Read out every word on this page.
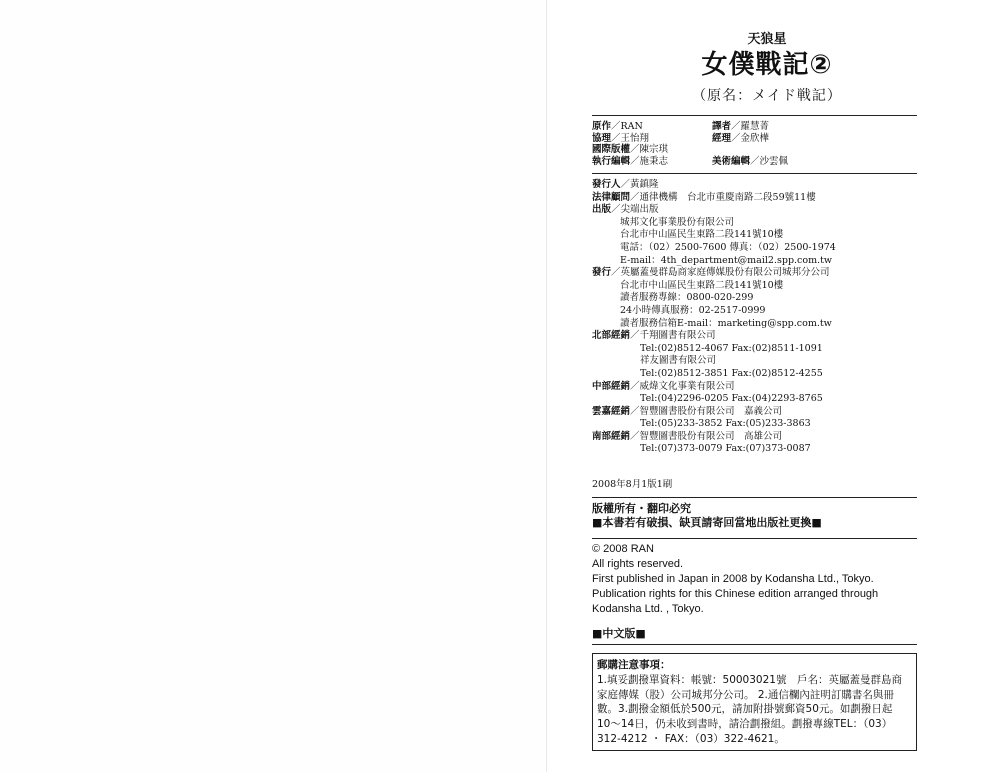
天狼星
女僕戰記②
（原名：メイド戦記）
原作／RAN	譯者／羅慧菁
協理／王怡翔	經理／金欣樺
國際版權／陳宗琪
執行編輯／施秉志	美術編輯／沙雲佩
發行人／黃鎮隆
法律顧問／通律機構　台北市重慶南路二段59號11樓
出版／尖端出版
城邦文化事業股份有限公司
台北市中山區民生東路二段141號10樓
電話：（02）2500-7600 傳真：（02）2500-1974
E-mail：4th_department@mail2.spp.com.tw
發行／英屬蓋曼群島商家庭傳媒股份有限公司城邦分公司
台北市中山區民生東路二段141號10樓
讀者服務專線：0800-020-299
24小時傳真服務：02-2517-0999
讀者服務信箱E-mail：marketing@spp.com.tw
北部經銷／千翔圖書有限公司
Tel:(02)8512-4067 Fax:(02)8511-1091
祥友圖書有限公司
Tel:(02)8512-3851 Fax:(02)8512-4255
中部經銷／威煒文化事業有限公司
Tel:(04)2296-0205 Fax:(04)2293-8765
雲嘉經銷／智豐圖書股份有限公司　嘉義公司
Tel:(05)233-3852 Fax:(05)233-3863
南部經銷／智豐圖書股份有限公司　高雄公司
Tel:(07)373-0079 Fax:(07)373-0087
2008年8月1版1刷
版權所有・翻印必究
■本書若有破損、缺頁請寄回當地出版社更換■
© 2008 RAN
All rights reserved.
First published in Japan in 2008 by Kodansha Ltd., Tokyo.
Publication rights for this Chinese edition arranged through
Kodansha Ltd. , Tokyo.
■中文版■
郵購注意事項：
1.填妥劃撥單資料：帳號：50003021號　戶名：英屬蓋曼群島商
家庭傳媒（股）公司城邦分公司。 2.通信欄內註明訂購書名與冊
數。3.劃撥金額低於500元，請加附掛號郵資50元。如劃撥日起
10～14日，仍未收到書時，請洽劃撥組。劃撥專線TEL：（03）
312-4212 ・ FAX：（03）322-4621。
